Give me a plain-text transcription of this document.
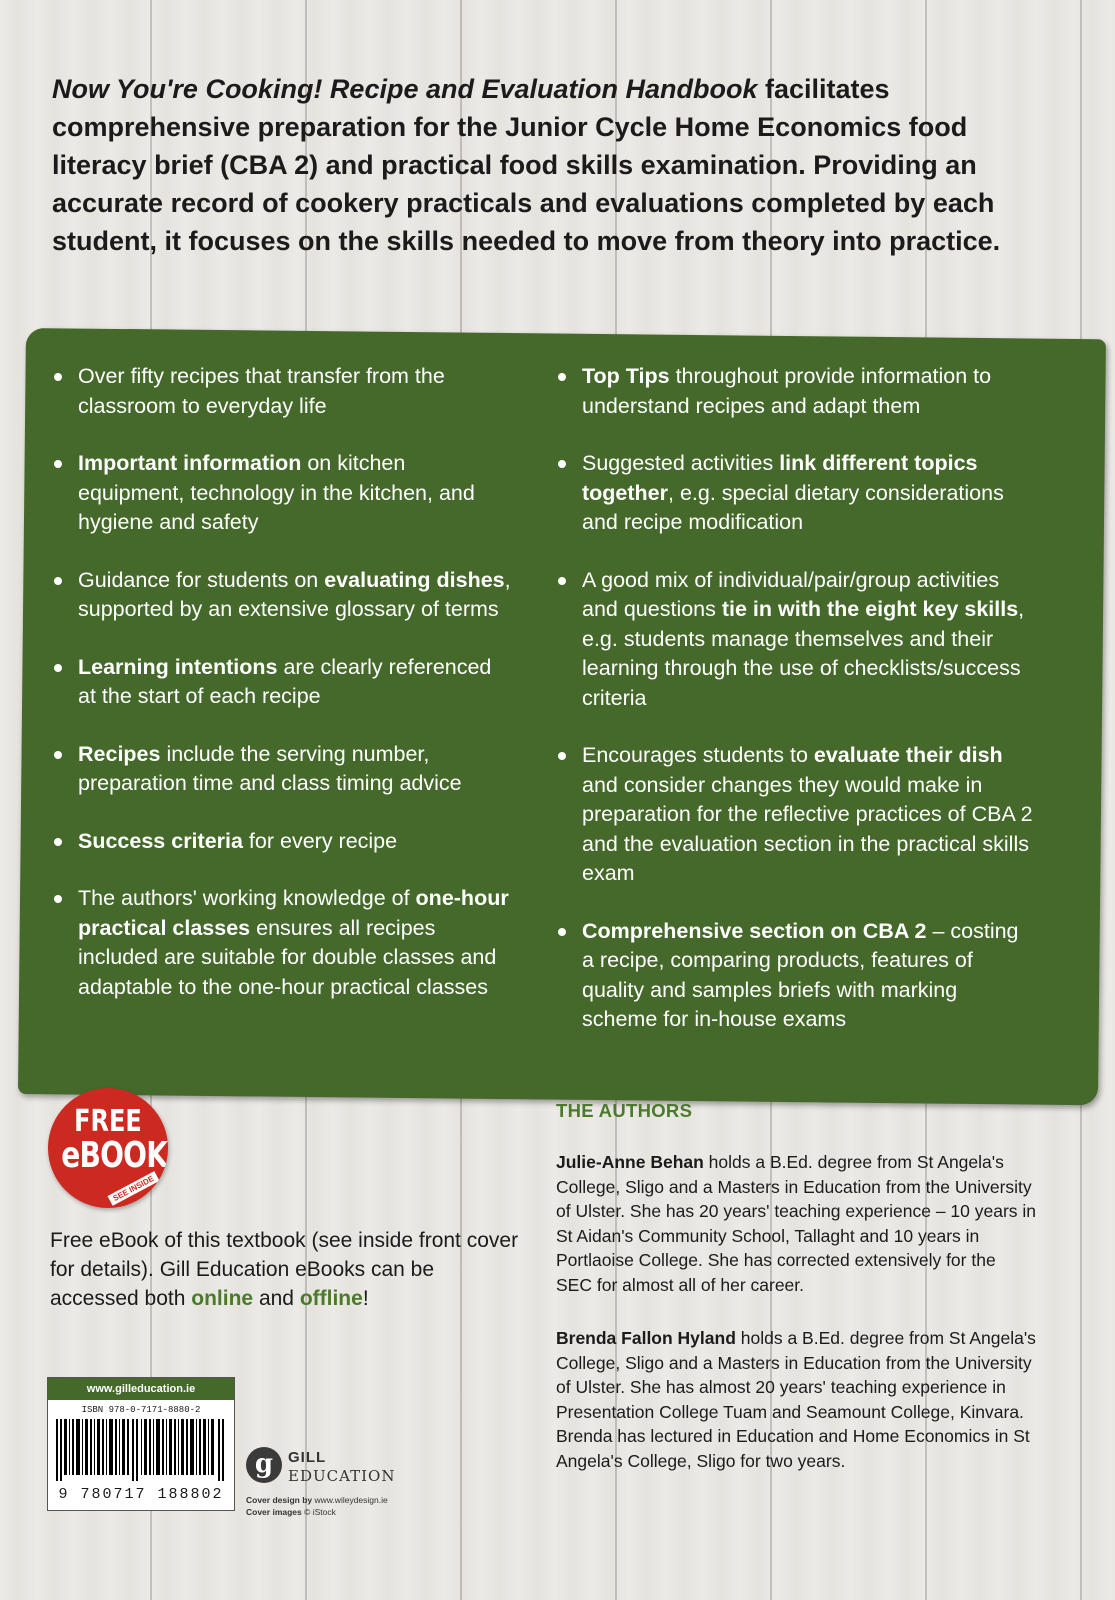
Now You're Cooking! Recipe and Evaluation Handbook facilitates comprehensive preparation for the Junior Cycle Home Economics food literacy brief (CBA 2) and practical food skills examination. Providing an accurate record of cookery practicals and evaluations completed by each student, it focuses on the skills needed to move from theory into practice.

Over fifty recipes that transfer from the classroom to everyday life

Important information on kitchen equipment, technology in the kitchen, and hygiene and safety

Guidance for students on evaluating dishes, supported by an extensive glossary of terms

Learning intentions are clearly referenced at the start of each recipe

Recipes include the serving number, preparation time and class timing advice

Success criteria for every recipe

The authors' working knowledge of one-hour practical classes ensures all recipes included are suitable for double classes and adaptable to the one-hour practical classes

Top Tips throughout provide information to understand recipes and adapt them

Suggested activities link different topics together, e.g. special dietary considerations and recipe modification

A good mix of individual/pair/group activities and questions tie in with the eight key skills, e.g. students manage themselves and their learning through the use of checklists/success criteria

Encourages students to evaluate their dish and consider changes they would make in preparation for the reflective practices of CBA 2 and the evaluation section in the practical skills exam

Comprehensive section on CBA 2 – costing a recipe, comparing products, features of quality and samples briefs with marking scheme for in-house exams

FREE
eBOOK
SEE INSIDE

Free eBook of this textbook (see inside front cover for details). Gill Education eBooks can be accessed both online and offline!

www.gilleducation.ie
ISBN 978-0-7171-8880-2
9 780717 188802
g GILL
EDUCATION

Cover design by www.wileydesign.ie
Cover images © iStock

THE AUTHORS

Julie-Anne Behan holds a B.Ed. degree from St Angela's College, Sligo and a Masters in Education from the University of Ulster. She has 20 years' teaching experience – 10 years in St Aidan's Community School, Tallaght and 10 years in Portlaoise College. She has corrected extensively for the SEC for almost all of her career.

Brenda Fallon Hyland holds a B.Ed. degree from St Angela's College, Sligo and a Masters in Education from the University of Ulster. She has almost 20 years' teaching experience in Presentation College Tuam and Seamount College, Kinvara. Brenda has lectured in Education and Home Economics in St Angela's College, Sligo for two years.
